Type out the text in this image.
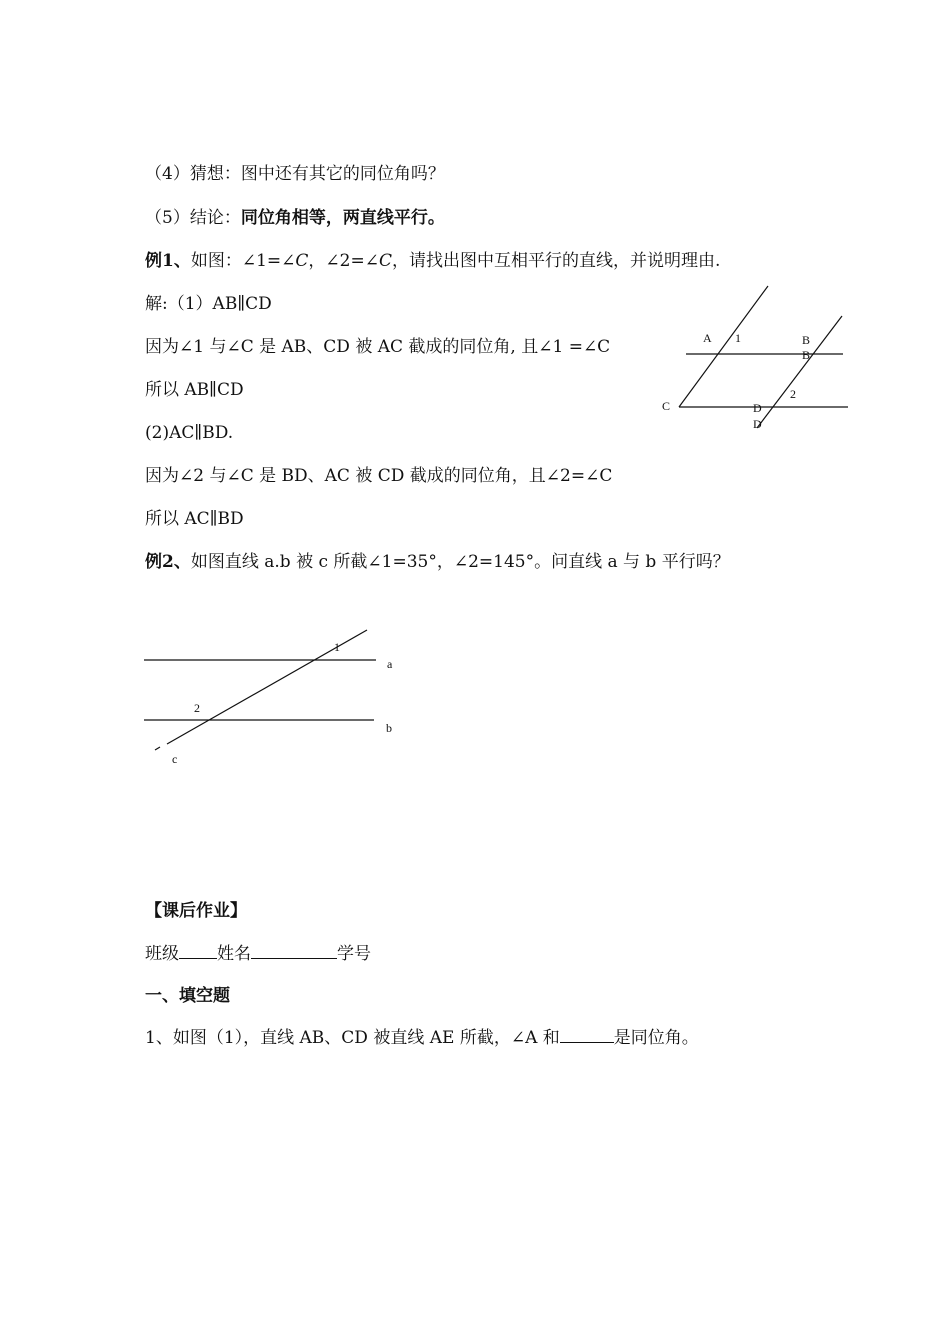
（4）猜想：图中还有其它的同位角吗？
（5）结论：同位角相等，两直线平行。
例1、如图：∠1=∠C，∠2=∠C，请找出图中互相平行的直线，并说明理由.
解:（1）AB∥CD
因为∠1 与∠C 是 AB、CD 被 AC 截成的同位角, 且∠1 =∠C
所以 AB∥CD
(2)AC∥BD.
因为∠2 与∠C 是 BD、AC 被 CD 截成的同位角，且∠2=∠C
所以 AC∥BD
A 1	B
B
C
2
D
D
例2、如图直线 a.b 被 c 所截∠1=35°，∠2=145°。问直线 a 与 b 平行吗？
1
a
2
b
c
【课后作业】
班级 姓名	学号
一、填空题
1、如图（1），直线 AB、CD 被直线 AE 所截，∠A 和	是同位角。
